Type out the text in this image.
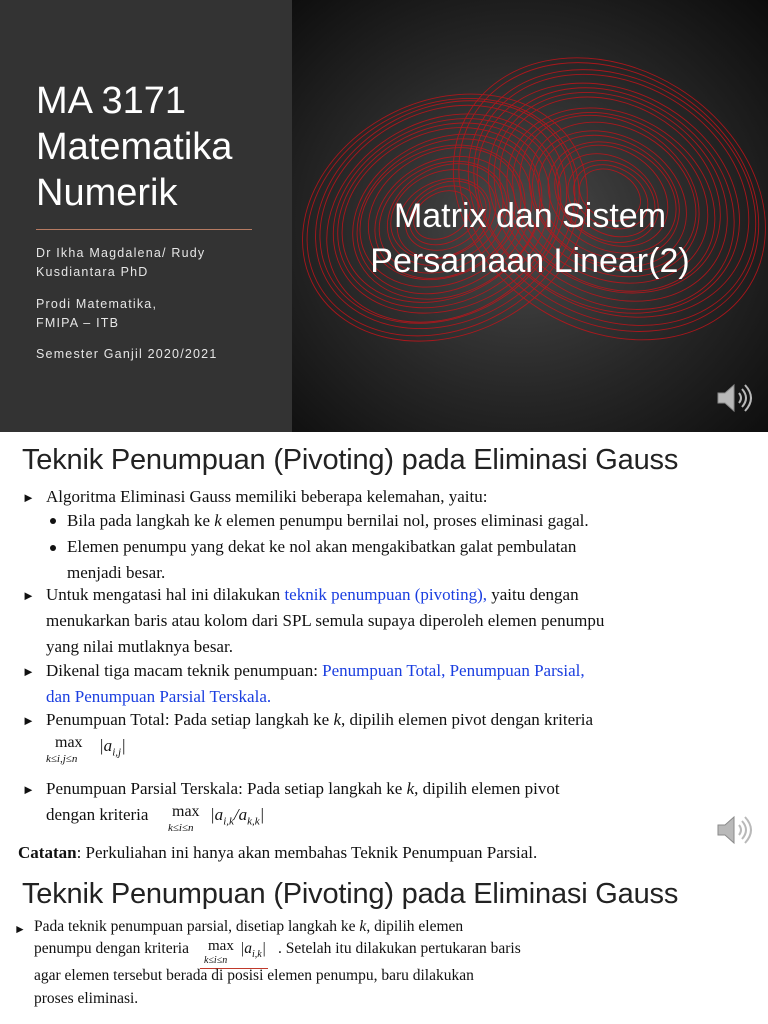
MA 3171
Matematika
Numerik
Dr Ikha Magdalena/ Rudy
Kusdiantara PhD
Prodi Matematika,
FMIPA – ITB
Semester Ganjil 2020/2021
Matrix dan Sistem
Persamaan Linear(2)
Teknik Penumpuan (Pivoting) pada Eliminasi Gauss
► Algoritma Eliminasi Gauss memiliki beberapa kelemahan, yaitu:
Bila pada langkah ke k elemen penumpu bernilai nol, proses eliminasi gagal.
Elemen penumpu yang dekat ke nol akan mengakibatkan galat pembulatan
menjadi besar.
► Untuk mengatasi hal ini dilakukan teknik penumpuan (pivoting), yaitu dengan
menukarkan baris atau kolom dari SPL semula supaya diperoleh elemen penumpu
yang nilai mutlaknya besar.
► Dikenal tiga macam teknik penumpuan: Penumpuan Total, Penumpuan Parsial,
dan Penumpuan Parsial Terskala.
► Penumpuan Total: Pada setiap langkah ke k, dipilih elemen pivot dengan kriteria
max
k≤i,j≤n
$|a_{i,j}|$
► Penumpuan Parsial Terskala: Pada setiap langkah ke k, dipilih elemen pivot
dengan kriteria max
k≤i≤n
$|a_{i,k}/a_{k,k}|$
Catatan: Perkuliahan ini hanya akan membahas Teknik Penumpuan Parsial.
Teknik Penumpuan (Pivoting) pada Eliminasi Gauss
► Pada teknik penumpuan parsial, disetiap langkah ke k, dipilih elemen
penumpu dengan kriteria max
k≤i≤n
$|a_{i,k}|$ . Setelah itu dilakukan pertukaran baris
agar elemen tersebut berada di posisi elemen penumpu, baru dilakukan
proses eliminasi.
